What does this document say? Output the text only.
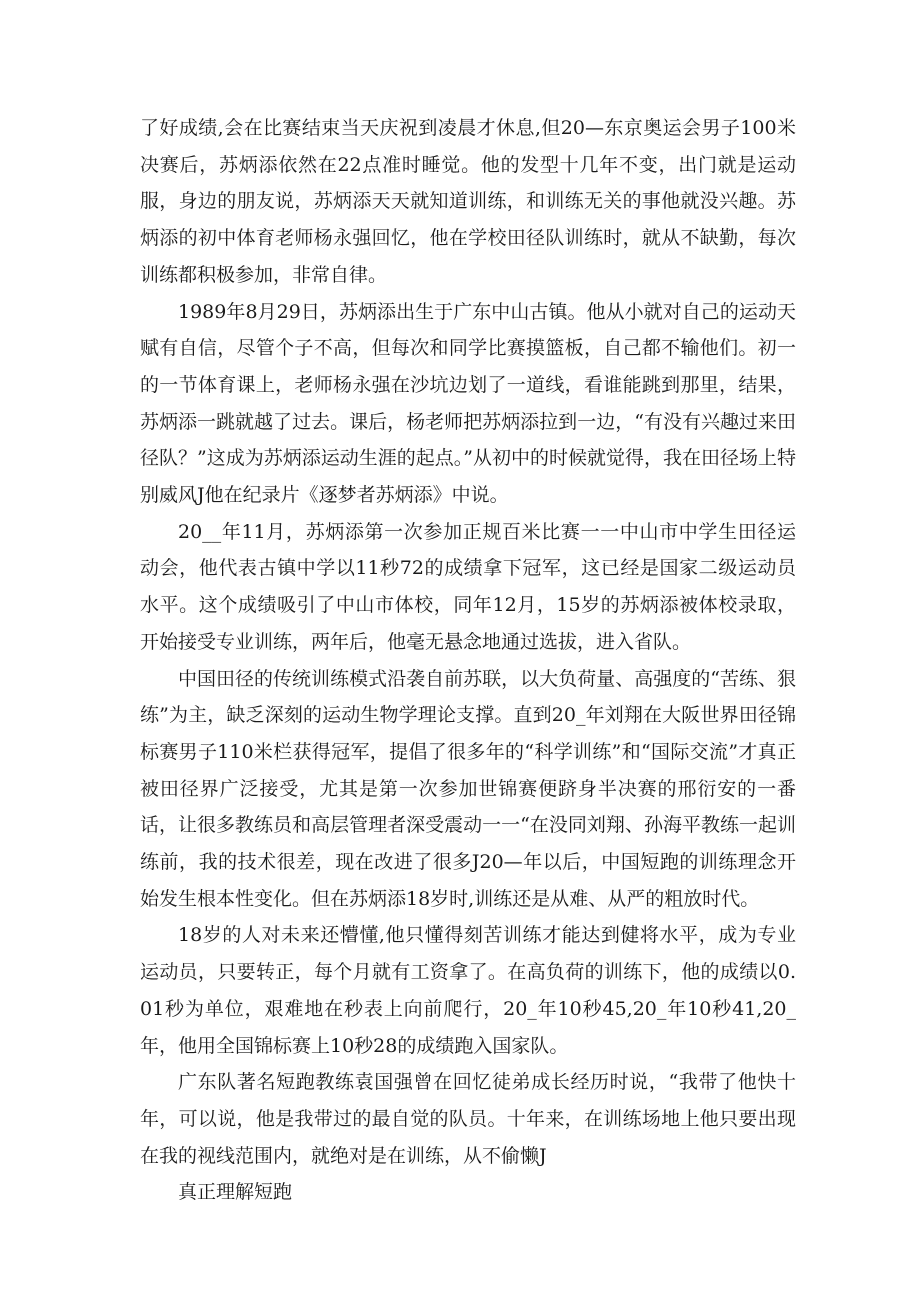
了好成绩,会在比赛结束当天庆祝到凌晨才休息,但20—东京奥运会男子100米决赛后，苏炳添依然在22点准时睡觉。他的发型十几年不变，出门就是运动服，身边的朋友说，苏炳添天天就知道训练，和训练无关的事他就没兴趣。苏炳添的初中体育老师杨永强回忆，他在学校田径队训练时，就从不缺勤，每次训练都积极参加，非常自律。

1989年8月29日，苏炳添出生于广东中山古镇。他从小就对自己的运动天赋有自信，尽管个子不高，但每次和同学比赛摸篮板，自己都不输他们。初一的一节体育课上，老师杨永强在沙坑边划了一道线，看谁能跳到那里，结果，苏炳添一跳就越了过去。课后，杨老师把苏炳添拉到一边，“有没有兴趣过来田径队？”这成为苏炳添运动生涯的起点。”从初中的时候就觉得，我在田径场上特别威风J他在纪录片《逐梦者苏炳添》中说。

20__年11月，苏炳添第一次参加正规百米比赛一一中山市中学生田径运动会，他代表古镇中学以11秒72的成绩拿下冠军，这已经是国家二级运动员水平。这个成绩吸引了中山市体校，同年12月，15岁的苏炳添被体校录取，开始接受专业训练，两年后，他毫无悬念地通过选拔，进入省队。

中国田径的传统训练模式沿袭自前苏联，以大负荷量、高强度的“苦练、狠练”为主，缺乏深刻的运动生物学理论支撑。直到20_年刘翔在大阪世界田径锦标赛男子110米栏获得冠军，提倡了很多年的“科学训练”和“国际交流”才真正被田径界广泛接受，尤其是第一次参加世锦赛便跻身半决赛的邢衍安的一番话，让很多教练员和高层管理者深受震动一一“在没同刘翔、孙海平教练一起训练前，我的技术很差，现在改进了很多J20—年以后，中国短跑的训练理念开始发生根本性变化。但在苏炳添18岁时,训练还是从难、从严的粗放时代。

18岁的人对未来还懵懂,他只懂得刻苦训练才能达到健将水平，成为专业运动员，只要转正，每个月就有工资拿了。在高负荷的训练下，他的成绩以0.01秒为单位，艰难地在秒表上向前爬行，20_年10秒45,20_年10秒41,20_年，他用全国锦标赛上10秒28的成绩跑入国家队。

广东队著名短跑教练袁国强曾在回忆徒弟成长经历时说，“我带了他快十年，可以说，他是我带过的最自觉的队员。十年来，在训练场地上他只要出现在我的视线范围内，就绝对是在训练，从不偷懒J

真正理解短跑
